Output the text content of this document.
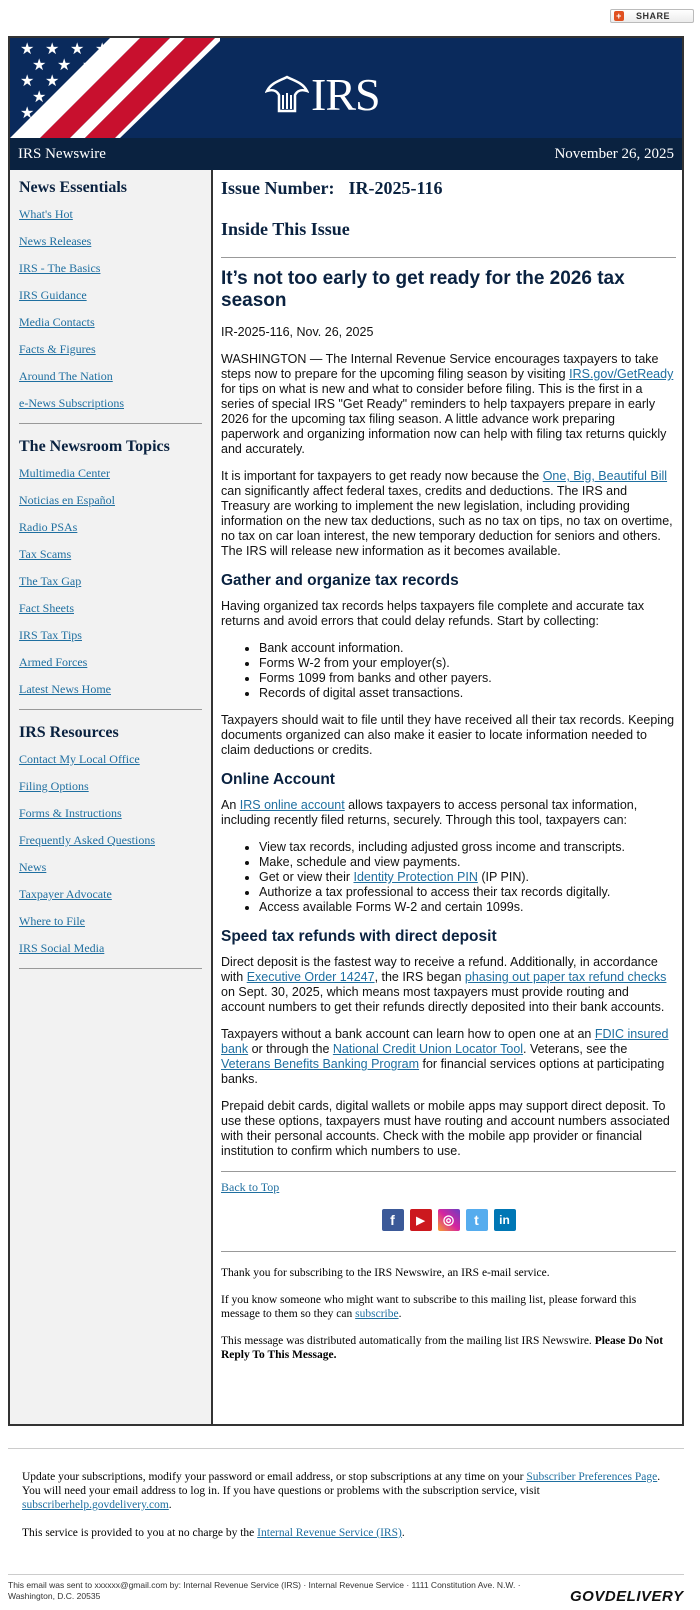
+ SHARE
★ ★ ★ ★
★ ★ ★
★ ★ ★
★ ★
★	IRS
IRS Newswire	November 26, 2025
News Essentials
What's Hot
News Releases
IRS - The Basics
IRS Guidance
Media Contacts
Facts & Figures
Around The Nation
e-News Subscriptions
The Newsroom Topics
Multimedia Center
Noticias en Español
Radio PSAs
Tax Scams
The Tax Gap
Fact Sheets
IRS Tax Tips
Armed Forces
Latest News Home
IRS Resources
Contact My Local Office
Filing Options
Forms & Instructions
Frequently Asked Questions
News
Taxpayer Advocate
Where to File
IRS Social Media
Issue Number: IR-2025-116
Inside This Issue
It’s not too early to get ready for the 2026 tax season

IR-2025-116, Nov. 26, 2025

WASHINGTON — The Internal Revenue Service encourages taxpayers to take steps now to prepare for the upcoming filing season by visiting IRS.gov/GetReady for tips on what is new and what to consider before filing. This is the first in a series of special IRS "Get Ready" reminders to help taxpayers prepare in early 2026 for the upcoming tax filing season. A little advance work preparing paperwork and organizing information now can help with filing tax returns quickly and accurately.

It is important for taxpayers to get ready now because the One, Big, Beautiful Bill can significantly affect federal taxes, credits and deductions. The IRS and Treasury are working to implement the new legislation, including providing information on the new tax deductions, such as no tax on tips, no tax on overtime, no tax on car loan interest, the new temporary deduction for seniors and others. The IRS will release new information as it becomes available.

Gather and organize tax records

Having organized tax records helps taxpayers file complete and accurate tax returns and avoid errors that could delay refunds. Start by collecting:

• Bank account information.
• Forms W-2 from your employer(s).
• Forms 1099 from banks and other payers.
• Records of digital asset transactions.

Taxpayers should wait to file until they have received all their tax records. Keeping documents organized can also make it easier to locate information needed to claim deductions or credits.

Online Account

An IRS online account allows taxpayers to access personal tax information, including recently filed returns, securely. Through this tool, taxpayers can:

• View tax records, including adjusted gross income and transcripts.
• Make, schedule and view payments.
• Get or view their Identity Protection PIN (IP PIN).
• Authorize a tax professional to access their tax records digitally.
• Access available Forms W-2 and certain 1099s.
Speed tax refunds with direct deposit

Direct deposit is the fastest way to receive a refund. Additionally, in accordance with Executive Order 14247, the IRS began phasing out paper tax refund checks on Sept. 30, 2025, which means most taxpayers must provide routing and account numbers to get their refunds directly deposited into their bank accounts.

Taxpayers without a bank account can learn how to open one at an FDIC insured bank or through the National Credit Union Locator Tool. Veterans, see the Veterans Benefits Banking Program for financial services options at participating banks.

Prepaid debit cards, digital wallets or mobile apps may support direct deposit. To use these options, taxpayers must have routing and account numbers associated with their personal accounts. Check with the mobile app provider or financial institution to confirm which numbers to use.

Back to Top
f	▶	◎	t	in

Thank you for subscribing to the IRS Newswire, an IRS e-mail service.

If you know someone who might want to subscribe to this mailing list, please forward this message to them so they can subscribe.

This message was distributed automatically from the mailing list IRS Newswire. Please Do Not Reply To This Message.

Update your subscriptions, modify your password or email address, or stop subscriptions at any time on your Subscriber Preferences Page. You will need your email address to log in. If you have questions or problems with the subscription service, visit subscriberhelp.govdelivery.com.

This service is provided to you at no charge by the Internal Revenue Service (IRS).

This email was sent to xxxxxx@gmail.com by: Internal Revenue Service (IRS) · Internal Revenue Service · 1111 Constitution Ave. N.W. · Washington, D.C. 20535	GOVDELIVERY
